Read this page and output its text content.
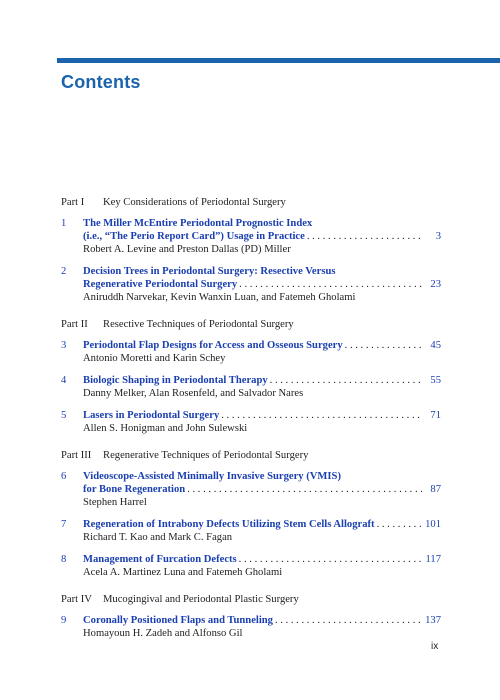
Contents
Part I Key Considerations of Periodontal Surgery
1	The Miller McEntire Periodontal Prognostic Index
(i.e., “The Perio Report Card”) Usage in Practice . . .	3
Robert A. Levine and Preston Dallas (PD) Miller
2	Decision Trees in Periodontal Surgery: Resective Versus
Regenerative Periodontal Surgery . . .	23
Aniruddh Narvekar, Kevin Wanxin Luan, and Fatemeh Gholami
Part II Resective Techniques of Periodontal Surgery
3	Periodontal Flap Designs for Access and Osseous Surgery . . .	45
Antonio Moretti and Karin Schey
4	Biologic Shaping in Periodontal Therapy . . .	55
Danny Melker, Alan Rosenfeld, and Salvador Nares
5	Lasers in Periodontal Surgery . . .	71
Allen S. Honigman and John Sulewski
Part III Regenerative Techniques of Periodontal Surgery
6	Videoscope-Assisted Minimally Invasive Surgery (VMIS)
for Bone Regeneration . . .	87
Stephen Harrel
7	Regeneration of Intrabony Defects Utilizing Stem Cells Allograft . . .	101
Richard T. Kao and Mark C. Fagan
8	Management of Furcation Defects . . .	117
Acela A. Martinez Luna and Fatemeh Gholami
Part IV Mucogingival and Periodontal Plastic Surgery
9	Coronally Positioned Flaps and Tunneling . . .	137
Homayoun H. Zadeh and Alfonso Gil
ix
